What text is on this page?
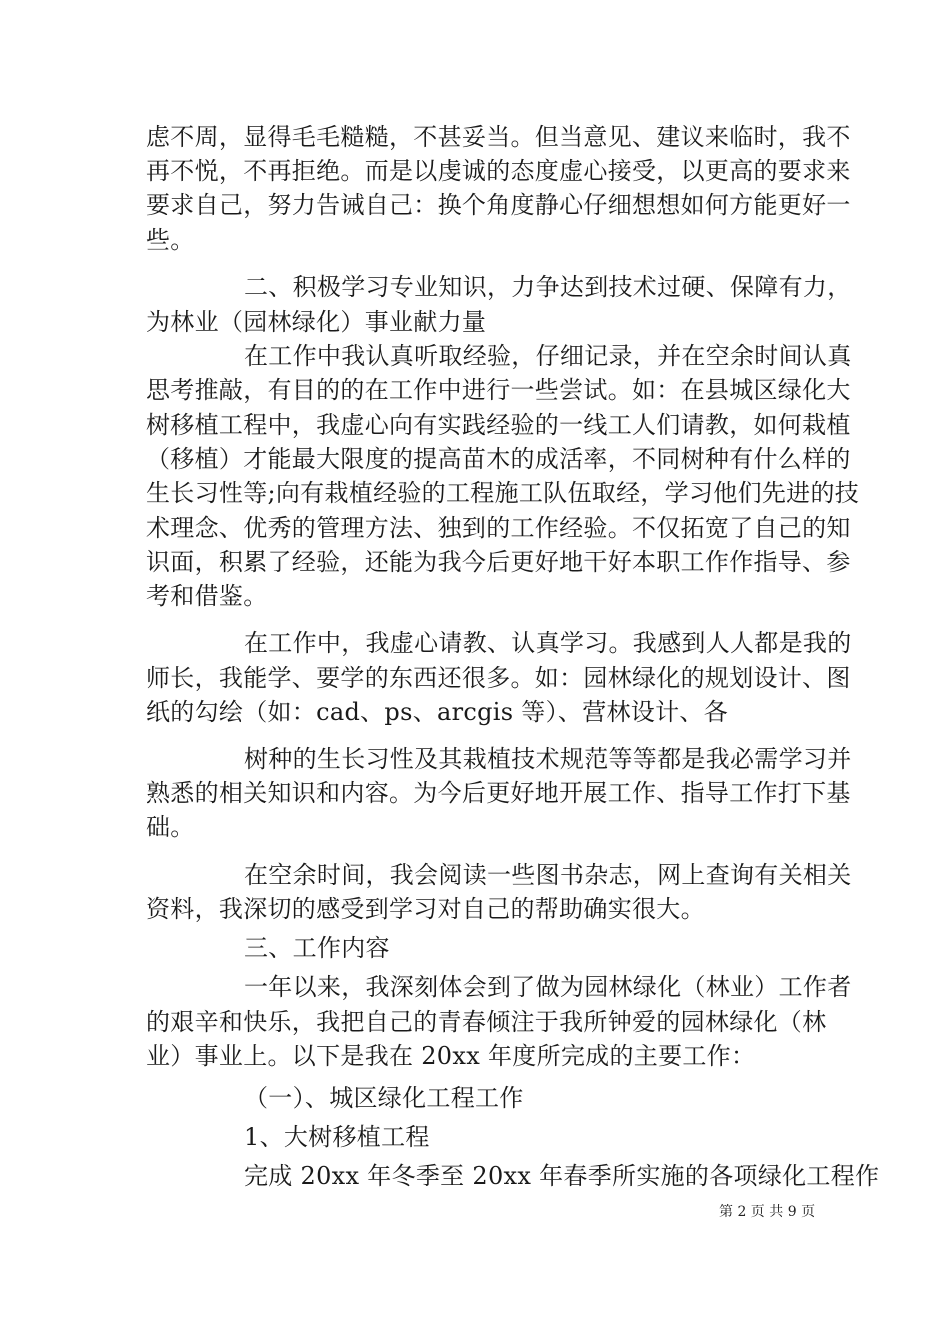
虑不周，显得毛毛糙糙，不甚妥当。但当意见、建议来临时，我不
再不悦，不再拒绝。而是以虔诚的态度虚心接受，以更高的要求来
要求自己，努力告诫自己：换个角度静心仔细想想如何方能更好一
些。
二、积极学习专业知识，力争达到技术过硬、保障有力，
为林业（园林绿化）事业献力量
在工作中我认真听取经验，仔细记录，并在空余时间认真
思考推敲，有目的的在工作中进行一些尝试。如：在县城区绿化大
树移植工程中，我虚心向有实践经验的一线工人们请教，如何栽植
（移植）才能最大限度的提高苗木的成活率，不同树种有什么样的
生长习性等;向有栽植经验的工程施工队伍取经，学习他们先进的技
术理念、优秀的管理方法、独到的工作经验。不仅拓宽了自己的知
识面，积累了经验，还能为我今后更好地干好本职工作作指导、参
考和借鉴。
在工作中，我虚心请教、认真学习。我感到人人都是我的
师长，我能学、要学的东西还很多。如：园林绿化的规划设计、图
纸的勾绘（如：cad、ps、arcgis 等）、营林设计、各
树种的生长习性及其栽植技术规范等等都是我必需学习并
熟悉的相关知识和内容。为今后更好地开展工作、指导工作打下基
础。
在空余时间，我会阅读一些图书杂志，网上查询有关相关
资料，我深切的感受到学习对自己的帮助确实很大。
三、工作内容
一年以来，我深刻体会到了做为园林绿化（林业）工作者
的艰辛和快乐，我把自己的青春倾注于我所钟爱的园林绿化（林
业）事业上。以下是我在 20xx 年度所完成的主要工作：
（一）、城区绿化工程工作
1、大树移植工程
完成 20xx 年冬季至 20xx 年春季所实施的各项绿化工程作
第 2 页 共 9 页
